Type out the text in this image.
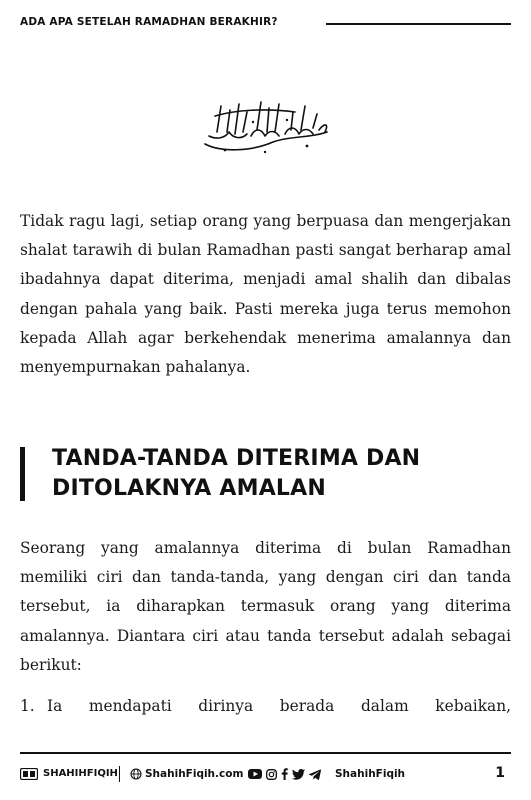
ADA APA SETELAH RAMADHAN BERAKHIR?

Tidak ragu lagi, setiap orang yang berpuasa dan mengerjakan shalat tarawih di bulan Ramadhan pasti sangat berharap amal ibadahnya dapat diterima, menjadi amal shalih dan dibalas dengan pahala yang baik. Pasti mereka juga terus memohon kepada Allah agar berkehendak menerima amalannya dan menyempurnakan pahalanya.

TANDA-TANDA DITERIMA DAN
DITOLAKNYA AMALAN

Seorang yang amalannya diterima di bulan Ramadhan memiliki ciri dan tanda-tanda, yang dengan ciri dan tanda tersebut, ia diharapkan termasuk orang yang diterima amalannya. Diantara ciri atau tanda tersebut adalah sebagai berikut:

1. Ia mendapati dirinya berada dalam kebaikan,
SHAHIHFIQIH	ShahihFiqih.com	ShahihFiqih	1
